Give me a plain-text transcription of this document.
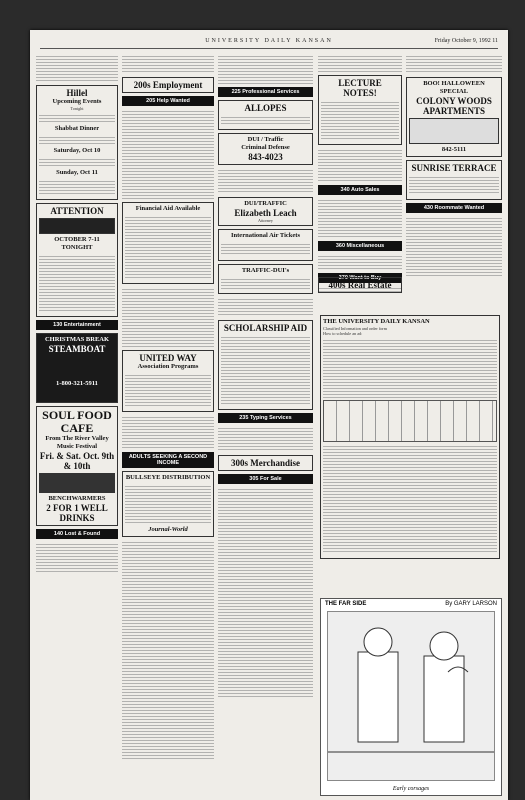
UNIVERSITY DAILY KANSAN	Friday October 9, 1992 11
Hillel
Upcoming Events
Tonight
Shabbat Dinner
Saturday, Oct 10
Sunday, Oct 11
ATTENTION
OCTOBER 7-11 TONIGHT
130 Entertainment
CHRISTMAS BREAK
STEAMBOAT
1-800-321-5911
SOUL FOOD CAFE
From The River Valley Music Festival
Fri. & Sat. Oct. 9th & 10th
BENCHWARMERS
2 FOR 1 WELL DRINKS
140 Lost & Found
200s Employment
205 Help Wanted
Financial Aid Available
UNITED WAY
Association Programs
ADULTS SEEKING A SECOND INCOME
BULLSEYE DISTRIBUTION
Journal-World
225 Professional Services
ALLOPES
DUI / Traffic
Criminal Defense
843-4023
DUI/TRAFFIC
Elizabeth Leach
Attorney
International Air Tickets
TRAFFIC-DUI's
SCHOLARSHIP AID
235 Typing Services
300s Merchandise
305 For Sale
LECTURE NOTES!
340 Auto Sales
360 Miscellaneous
370 Want to Buy
BOO! HALLOWEEN SPECIAL
COLONY WOODS APARTMENTS
842-5111
SUNRISE TERRACE
430 Roommate Wanted
400s Real Estate
THE UNIVERSITY DAILY KANSAN
Classified Information and order form
How to schedule an ad:
THE FAR SIDE	By GARY LARSON
Early corsages
